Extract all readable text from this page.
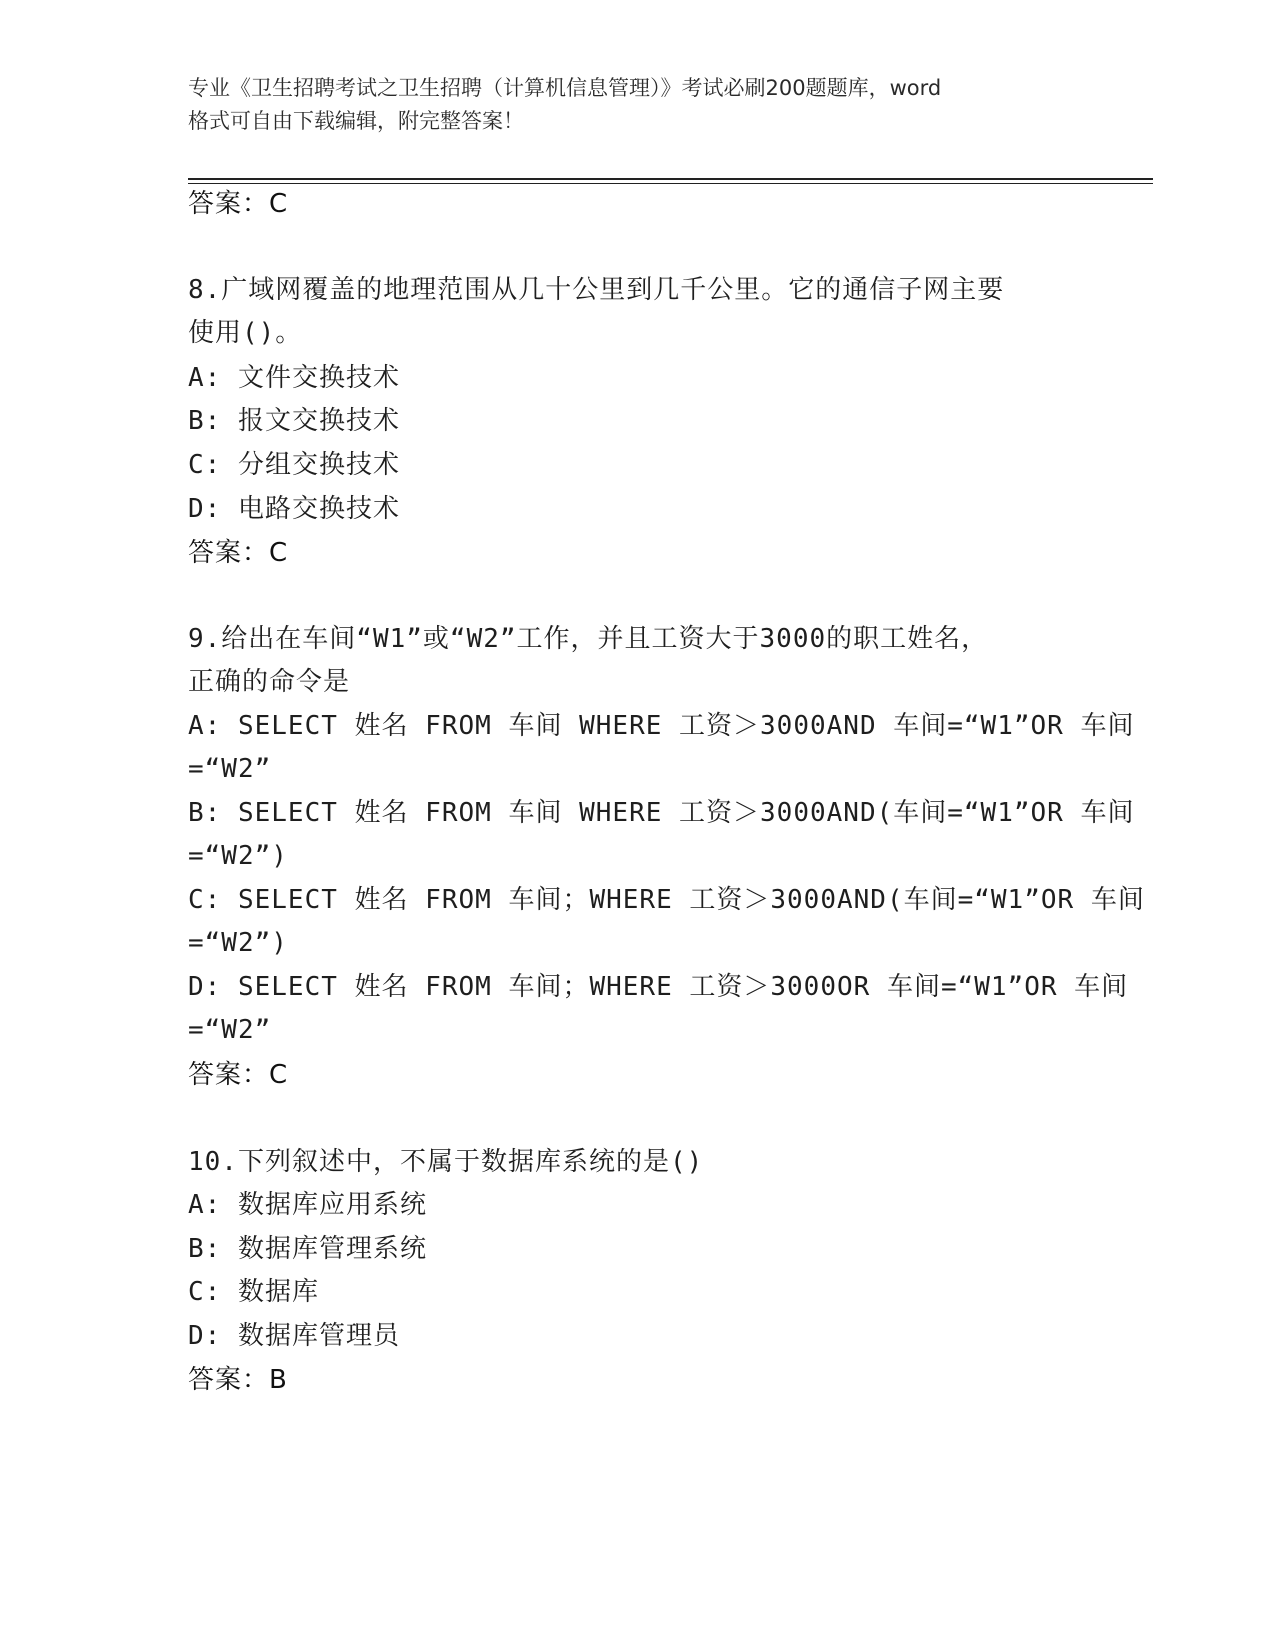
专业《卫生招聘考试之卫生招聘（计算机信息管理）》考试必刷200题题库，word
格式可自由下载编辑，附完整答案！
答案：C
8.广域网覆盖的地理范围从几十公里到几千公里。它的通信子网主要
使用()。
A: 文件交换技术
B: 报文交换技术
C: 分组交换技术
D: 电路交换技术
答案：C
9.给出在车间“W1”或“W2”工作，并且工资大于3000的职工姓名，
正确的命令是
A: SELECT 姓名 FROM 车间 WHERE 工资＞3000AND 车间=“W1”OR 车间
=“W2”
B: SELECT 姓名 FROM 车间 WHERE 工资＞3000AND(车间=“W1”OR 车间
=“W2”)
C: SELECT 姓名 FROM 车间；WHERE 工资＞3000AND(车间=“W1”OR 车间
=“W2”)
D: SELECT 姓名 FROM 车间；WHERE 工资＞3000OR 车间=“W1”OR 车间
=“W2”
答案：C
10.下列叙述中，不属于数据库系统的是()
A: 数据库应用系统
B: 数据库管理系统
C: 数据库
D: 数据库管理员
答案：B
